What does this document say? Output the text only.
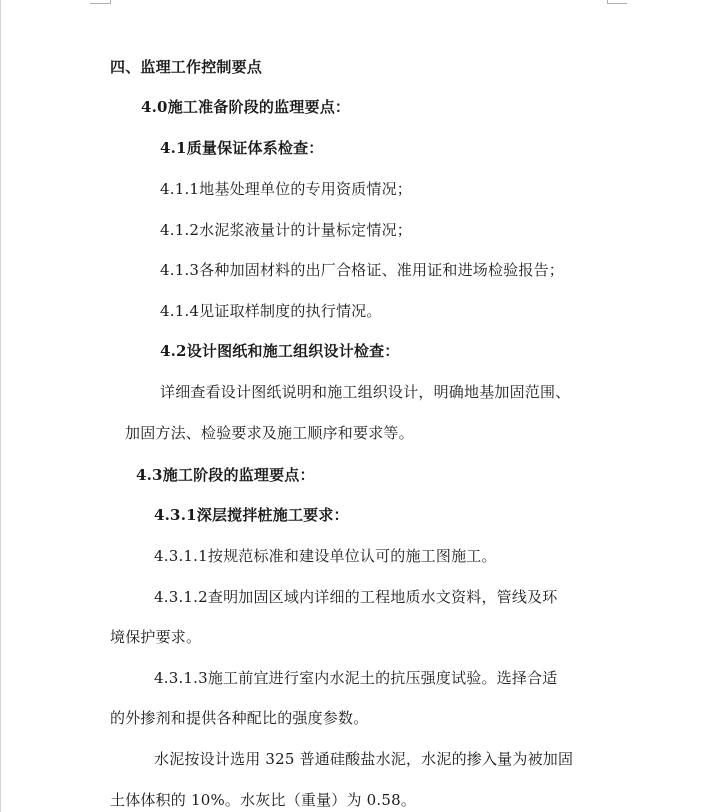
四、监理工作控制要点
4.0施工准备阶段的监理要点：
4.1质量保证体系检查：
4.1.1地基处理单位的专用资质情况；
4.1.2水泥浆液量计的计量标定情况；
4.1.3各种加固材料的出厂合格证、准用证和进场检验报告；
4.1.4见证取样制度的执行情况。
4.2设计图纸和施工组织设计检查：
详细查看设计图纸说明和施工组织设计，明确地基加固范围、
加固方法、检验要求及施工顺序和要求等。
4.3施工阶段的监理要点：
4.3.1深层搅拌桩施工要求：
4.3.1.1按规范标准和建设单位认可的施工图施工。
4.3.1.2查明加固区域内详细的工程地质水文资料，管线及环
境保护要求。
4.3.1.3施工前宜进行室内水泥土的抗压强度试验。选择合适
的外掺剂和提供各种配比的强度参数。
水泥按设计选用 325 普通硅酸盐水泥，水泥的掺入量为被加固
土体体积的 10%。水灰比（重量）为 0.58。
